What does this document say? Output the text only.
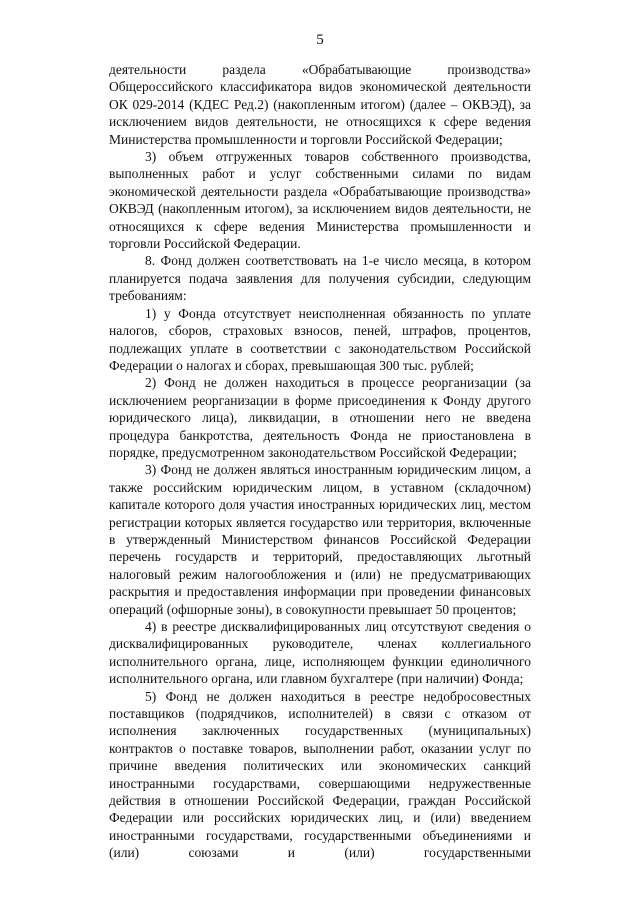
5

деятельности раздела «Обрабатывающие производства» Общероссийского классификатора видов экономической деятельности ОК 029-2014 (КДЕС Ред.2) (накопленным итогом) (далее – ОКВЭД), за исключением видов деятельности, не относящихся к сфере ведения Министерства промышленности и торговли Российской Федерации;

3) объем отгруженных товаров собственного производства, выполненных работ и услуг собственными силами по видам экономической деятельности раздела «Обрабатывающие производства» ОКВЭД (накопленным итогом), за исключением видов деятельности, не относящихся к сфере ведения Министерства промышленности и торговли Российской Федерации.

8. Фонд должен соответствовать на 1-е число месяца, в котором планируется подача заявления для получения субсидии, следующим требованиям:

1) у Фонда отсутствует неисполненная обязанность по уплате налогов, сборов, страховых взносов, пеней, штрафов, процентов, подлежащих уплате в соответствии с законодательством Российской Федерации о налогах и сборах, превышающая 300 тыс. рублей;

2) Фонд не должен находиться в процессе реорганизации (за исключением реорганизации в форме присоединения к Фонду другого юридического лица), ликвидации, в отношении него не введена процедура банкротства, деятельность Фонда не приостановлена в порядке, предусмотренном законодательством Российской Федерации;

3) Фонд не должен являться иностранным юридическим лицом, а также российским юридическим лицом, в уставном (складочном) капитале которого доля участия иностранных юридических лиц, местом регистрации которых является государство или территория, включенные в утвержденный Министерством финансов Российской Федерации перечень государств и территорий, предоставляющих льготный налоговый режим налогообложения и (или) не предусматривающих раскрытия и предоставления информации при проведении финансовых операций (офшорные зоны), в совокупности превышает 50 процентов;

4) в реестре дисквалифицированных лиц отсутствуют сведения о дисквалифицированных руководителе, членах коллегиального исполнительного органа, лице, исполняющем функции единоличного исполнительного органа, или главном бухгалтере (при наличии) Фонда;

5) Фонд не должен находиться в реестре недобросовестных поставщиков (подрядчиков, исполнителей) в связи с отказом от исполнения заключенных государственных (муниципальных) контрактов о поставке товаров, выполнении работ, оказании услуг по причине введения политических или экономических санкций иностранными государствами, совершающими недружественные действия в отношении Российской Федерации, граждан Российской Федерации или российских юридических лиц, и (или) введением иностранными государствами, государственными объединениями и (или) союзами и (или) государственными
